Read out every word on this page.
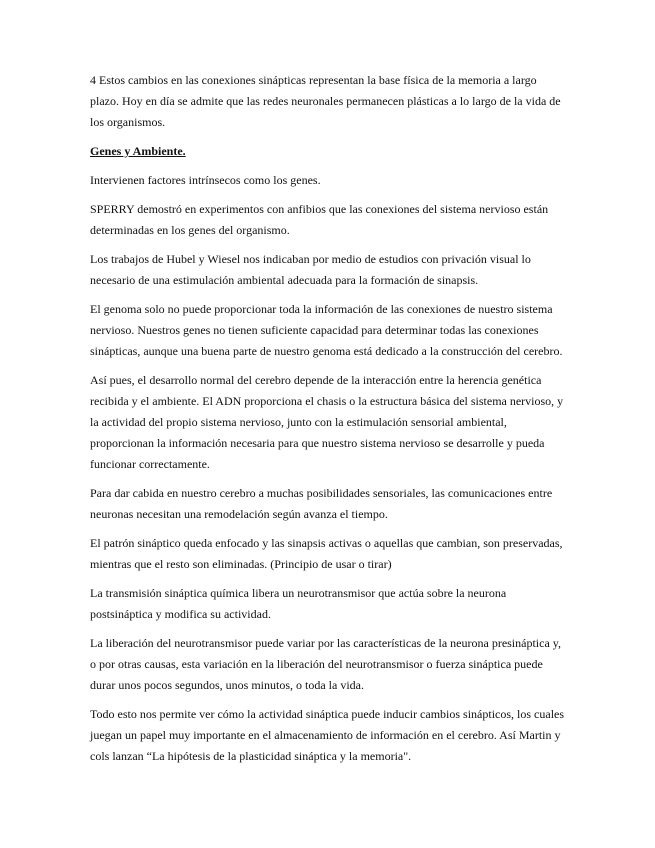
4 Estos cambios en las conexiones sinápticas representan la base física de la memoria a largo plazo. Hoy en día se admite que las redes neuronales permanecen plásticas a lo largo de la vida de los organismos.

Genes y Ambiente.

Intervienen factores intrínsecos como los genes.

SPERRY demostró en experimentos con anfibios que las conexiones del sistema nervioso están determinadas en los genes del organismo.

Los trabajos de Hubel y Wiesel nos indicaban por medio de estudios con privación visual lo necesario de una estimulación ambiental adecuada para la formación de sinapsis.

El genoma solo no puede proporcionar toda la información de las conexiones de nuestro sistema nervioso. Nuestros genes no tienen suficiente capacidad para determinar todas las conexiones sinápticas, aunque una buena parte de nuestro genoma está dedicado a la construcción del cerebro.

Así pues, el desarrollo normal del cerebro depende de la interacción entre la herencia genética recibida y el ambiente. El ADN proporciona el chasis o la estructura básica del sistema nervioso, y la actividad del propio sistema nervioso, junto con la estimulación sensorial ambiental, proporcionan la información necesaria para que nuestro sistema nervioso se desarrolle y pueda funcionar correctamente.

Para dar cabida en nuestro cerebro a muchas posibilidades sensoriales, las comunicaciones entre neuronas necesitan una remodelación según avanza el tiempo.

El patrón sináptico queda enfocado y las sinapsis activas o aquellas que cambian, son preservadas, mientras que el resto son eliminadas. (Principio de usar o tirar)

La transmisión sináptica química libera un neurotransmisor que actúa sobre la neurona postsináptica y modifica su actividad.

La liberación del neurotransmisor puede variar por las características de la neurona presináptica y, o por otras causas, esta variación en la liberación del neurotransmisor o fuerza sináptica puede durar unos pocos segundos, unos minutos, o toda la vida.

Todo esto nos permite ver cómo la actividad sináptica puede inducir cambios sinápticos, los cuales juegan un papel muy importante en el almacenamiento de información en el cerebro. Así Martin y cols lanzan “La hipótesis de la plasticidad sináptica y la memoria".
